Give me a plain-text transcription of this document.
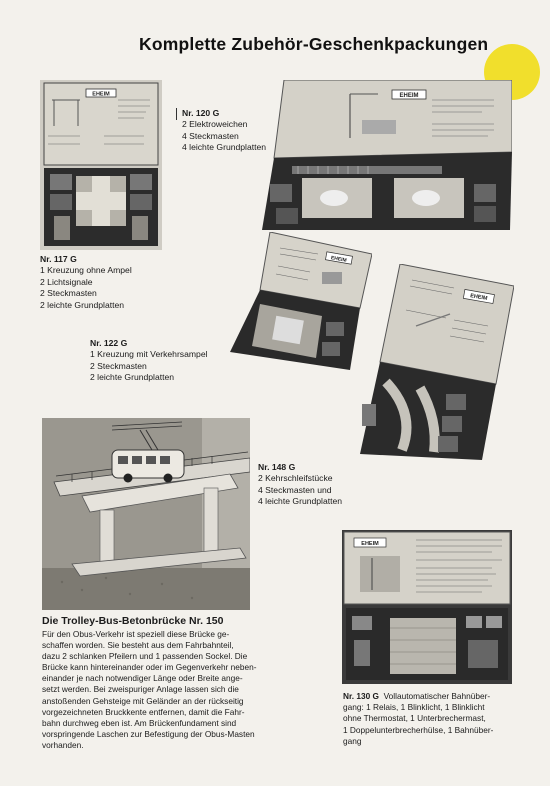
Komplette Zubehör-Geschenkpackungen
EHEIM
Nr. 117 G
1 Kreuzung ohne Ampel
2 Lichtsignale
2 Steckmasten
2 leichte Grundplatten
Nr. 120 G
2 Elektroweichen
4 Steckmasten
4 leichte Grundplatten
EHEIM
EHEIM
Nr. 122 G
1 Kreuzung mit Verkehrsampel
2 Steckmasten
2 leichte Grundplatten
EHEIM
Nr. 148 G
2 Kehrschleifstücke
4 Steckmasten und
4 leichte Grundplatten
Die Trolley-Bus-Betonbrücke Nr. 150
Für den Obus-Verkehr ist speziell diese Brücke ge-
schaffen worden. Sie besteht aus dem Fahrbahnteil,
dazu 2 schlanken Pfeilern und 1 passenden Sockel. Die
Brücke kann hintereinander oder im Gegenverkehr neben-
einander je nach notwendiger Länge oder Breite ange-
setzt werden. Bei zweispuriger Anlage lassen sich die
anstoßenden Gehsteige mit Geländer an der rückseitig
vorgezeichneten Bruckkente entfernen, damit die Fahr-
bahn durchweg eben ist. Am Brückenfundament sind
vorspringende Laschen zur Befestigung der Obus-Masten
vorhanden.
EHEIM
Nr. 130 G Vollautomatischer Bahnüber-
gang: 1 Relais, 1 Blinklicht, 1 Blinklicht
ohne Thermostat, 1 Unterbrechermast,
1 Doppelunterbrecherhülse, 1 Bahnüber-
gang
